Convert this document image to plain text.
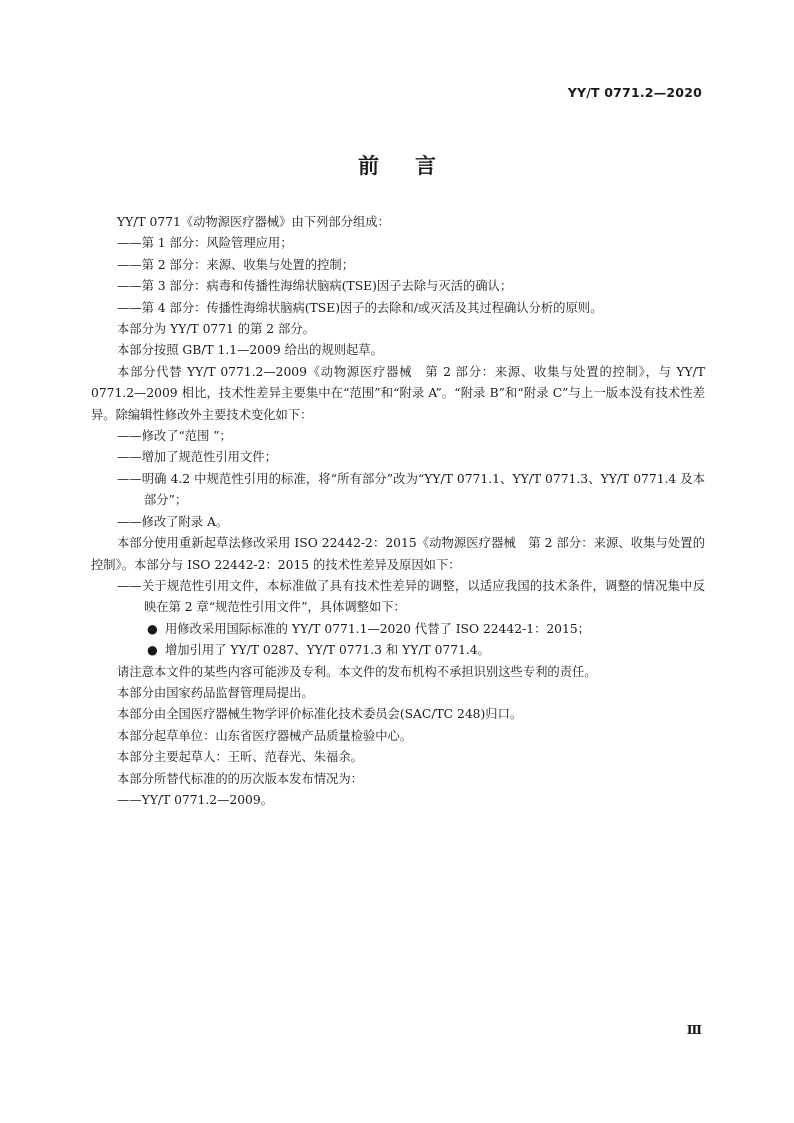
YY/T 0771.2—2020
前言

YY/T 0771《动物源医疗器械》由下列部分组成：

——第 1 部分：风险管理应用；

——第 2 部分：来源、收集与处置的控制；

——第 3 部分：病毒和传播性海绵状脑病(TSE)因子去除与灭活的确认；

——第 4 部分：传播性海绵状脑病(TSE)因子的去除和/或灭活及其过程确认分析的原则。

本部分为 YY/T 0771 的第 2 部分。

本部分按照 GB/T 1.1—2009 给出的规则起草。

本部分代替 YY/T 0771.2—2009《动物源医疗器械　第 2 部分：来源、收集与处置的控制》，与 YY/T 0771.2—2009 相比，技术性差异主要集中在“范围”和“附录 A”。“附录 B”和“附录 C”与上一版本没有技术性差异。除编辑性修改外主要技术变化如下：

——修改了“范围 ”；

——增加了规范性引用文件；

——明确 4.2 中规范性引用的标准，将“所有部分”改为“YY/T 0771.1、YY/T 0771.3、YY/T 0771.4 及本部分”；

——修改了附录 A。

本部分使用重新起草法修改采用 ISO 22442-2：2015《动物源医疗器械　第 2 部分：来源、收集与处置的控制》。本部分与 ISO 22442-2：2015 的技术性差异及原因如下：

——关于规范性引用文件，本标准做了具有技术性差异的调整，以适应我国的技术条件，调整的情况集中反映在第 2 章“规范性引用文件”，具体调整如下：

● 用修改采用国际标准的 YY/T 0771.1—2020 代替了 ISO 22442-1：2015；

● 增加引用了 YY/T 0287、YY/T 0771.3 和 YY/T 0771.4。

请注意本文件的某些内容可能涉及专利。本文件的发布机构不承担识别这些专利的责任。

本部分由国家药品监督管理局提出。

本部分由全国医疗器械生物学评价标准化技术委员会(SAC/TC 248)归口。

本部分起草单位：山东省医疗器械产品质量检验中心。

本部分主要起草人：王昕、范春光、朱福余。

本部分所替代标准的的历次版本发布情况为：

——YY/T 0771.2—2009。

Ⅲ
